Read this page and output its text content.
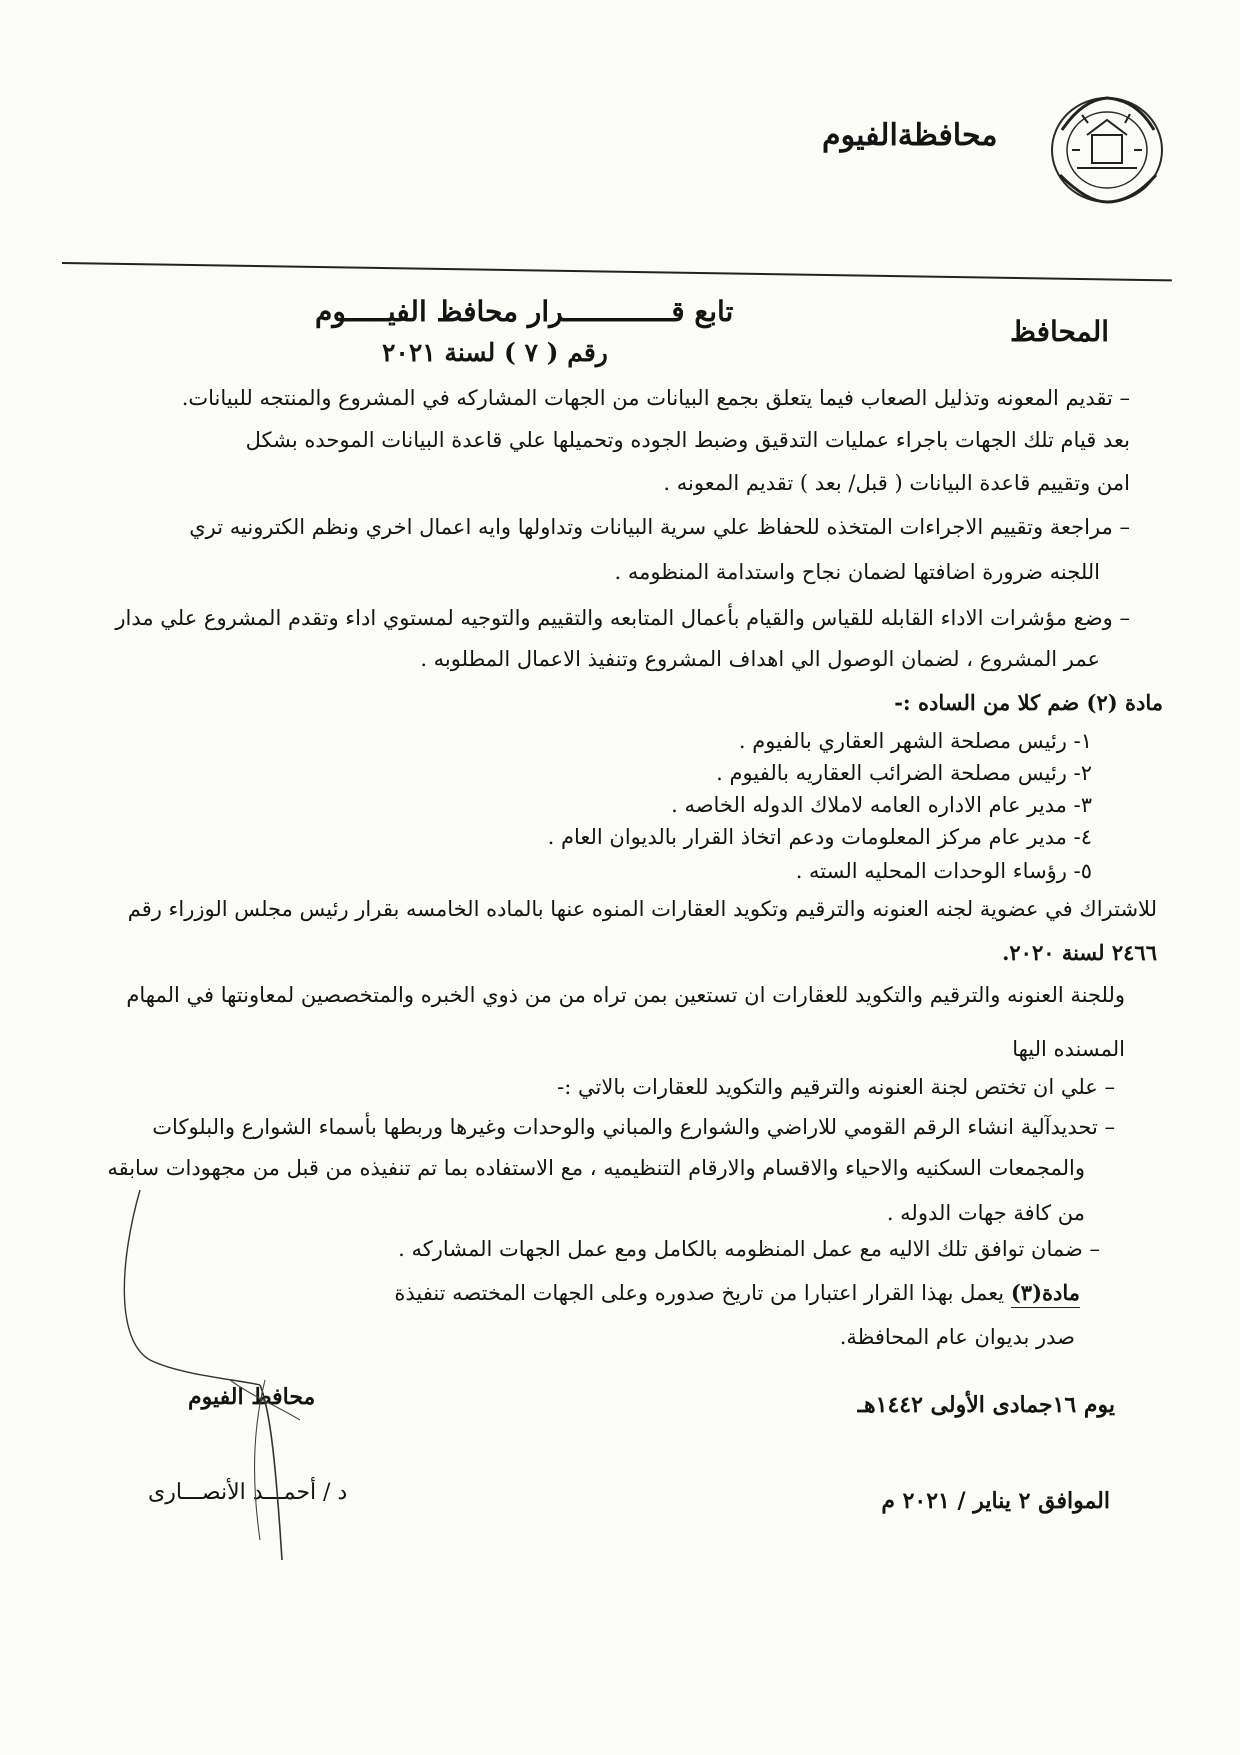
محافظةالفيوم
تابع قـــــــــــــرار محافظ الفيـــــوم
رقم ( ٧ ) لسنة ٢٠٢١
المحافظ
– تقديم المعونه وتذليل الصعاب فيما يتعلق بجمع البيانات من الجهات المشاركه في المشروع والمنتجه للبيانات.
بعد قيام تلك الجهات باجراء عمليات التدقيق وضبط الجوده وتحميلها علي قاعدة البيانات الموحده بشكل
امن وتقييم قاعدة البيانات ( قبل/ بعد ) تقديم المعونه .
– مراجعة وتقييم الاجراءات المتخذه للحفاظ علي سرية البيانات وتداولها وايه اعمال اخري ونظم الكترونيه تري
اللجنه ضرورة اضافتها لضمان نجاح واستدامة المنظومه .
– وضع مؤشرات الاداء القابله للقياس والقيام بأعمال المتابعه والتقييم والتوجيه لمستوي اداء وتقدم المشروع علي مدار
عمر المشروع ، لضمان الوصول الي اهداف المشروع وتنفيذ الاعمال المطلوبه .
مادة (٢) ضم كلا من الساده :-
١- رئيس مصلحة الشهر العقاري بالفيوم .
٢- رئيس مصلحة الضرائب العقاريه بالفيوم .
٣- مدير عام الاداره العامه لاملاك الدوله الخاصه .
٤- مدير عام مركز المعلومات ودعم اتخاذ القرار بالديوان العام .
٥- رؤساء الوحدات المحليه السته .
للاشتراك في عضوية لجنه العنونه والترقيم وتكويد العقارات المنوه عنها بالماده الخامسه بقرار رئيس مجلس الوزراء رقم
٢٤٦٦ لسنة ٢٠٢٠.
وللجنة العنونه والترقيم والتكويد للعقارات ان تستعين بمن تراه من من ذوي الخبره والمتخصصين لمعاونتها في المهام
المسنده اليها
– علي ان تختص لجنة العنونه والترقيم والتكويد للعقارات بالاتي :-
– تحديدآلية انشاء الرقم القومي للاراضي والشوارع والمباني والوحدات وغيرها وربطها بأسماء الشوارع والبلوكات
والمجمعات السكنيه والاحياء والاقسام والارقام التنظيميه ، مع الاستفاده بما تم تنفيذه من قبل من مجهودات سابقه
من كافة جهات الدوله .
– ضمان توافق تلك الاليه مع عمل المنظومه بالكامل ومع عمل الجهات المشاركه .
مادة(٣) يعمل بهذا القرار اعتبارا من تاريخ صدوره وعلى الجهات المختصه تنفيذة
صدر بديوان عام المحافظة.
يوم ١٦جمادى الأولى ١٤٤٢هـ
الموافق ٢ يناير / ٢٠٢١ م
محافظ الفيوم
د / أحمـــد الأنصـــارى
